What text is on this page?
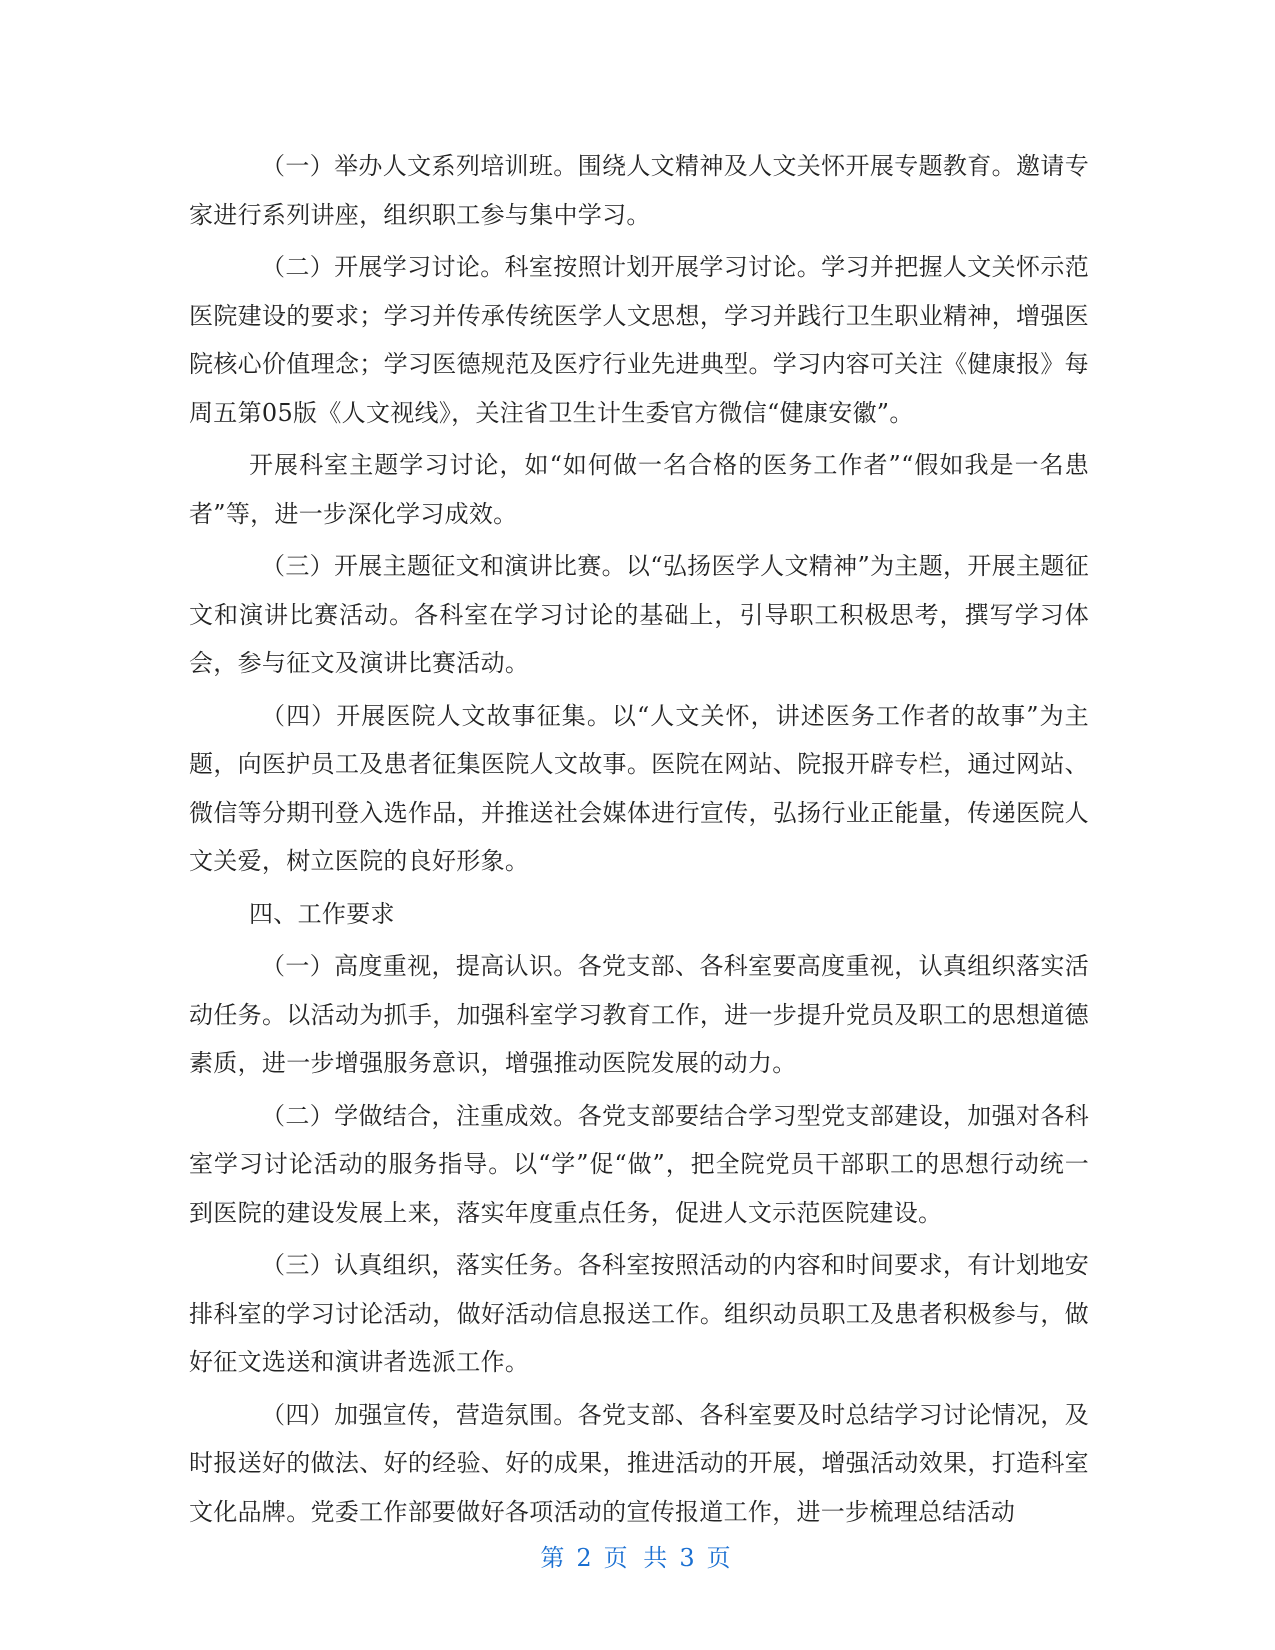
（一）举办人文系列培训班。围绕人文精神及人文关怀开展专题教育。邀请专家进行系列讲座，组织职工参与集中学习。

（二）开展学习讨论。科室按照计划开展学习讨论。学习并把握人文关怀示范医院建设的要求；学习并传承传统医学人文思想，学习并践行卫生职业精神，增强医院核心价值理念；学习医德规范及医疗行业先进典型。学习内容可关注《健康报》每周五第05版《人文视线》，关注省卫生计生委官方微信“健康安徽”。

开展科室主题学习讨论，如“如何做一名合格的医务工作者”“假如我是一名患者”等，进一步深化学习成效。

（三）开展主题征文和演讲比赛。以“弘扬医学人文精神”为主题，开展主题征文和演讲比赛活动。各科室在学习讨论的基础上，引导职工积极思考，撰写学习体会，参与征文及演讲比赛活动。

（四）开展医院人文故事征集。以“人文关怀，讲述医务工作者的故事”为主题，向医护员工及患者征集医院人文故事。医院在网站、院报开辟专栏，通过网站、微信等分期刊登入选作品，并推送社会媒体进行宣传，弘扬行业正能量，传递医院人文关爱，树立医院的良好形象。

四、工作要求

（一）高度重视，提高认识。各党支部、各科室要高度重视，认真组织落实活动任务。以活动为抓手，加强科室学习教育工作，进一步提升党员及职工的思想道德素质，进一步增强服务意识，增强推动医院发展的动力。

（二）学做结合，注重成效。各党支部要结合学习型党支部建设，加强对各科室学习讨论活动的服务指导。以“学”促“做”，把全院党员干部职工的思想行动统一到医院的建设发展上来，落实年度重点任务，促进人文示范医院建设。

（三）认真组织，落实任务。各科室按照活动的内容和时间要求，有计划地安排科室的学习讨论活动，做好活动信息报送工作。组织动员职工及患者积极参与，做好征文选送和演讲者选派工作。

（四）加强宣传，营造氛围。各党支部、各科室要及时总结学习讨论情况，及时报送好的做法、好的经验、好的成果，推进活动的开展，增强活动效果，打造科室文化品牌。党委工作部要做好各项活动的宣传报道工作，进一步梳理总结活动

第 2 页 共 3 页
